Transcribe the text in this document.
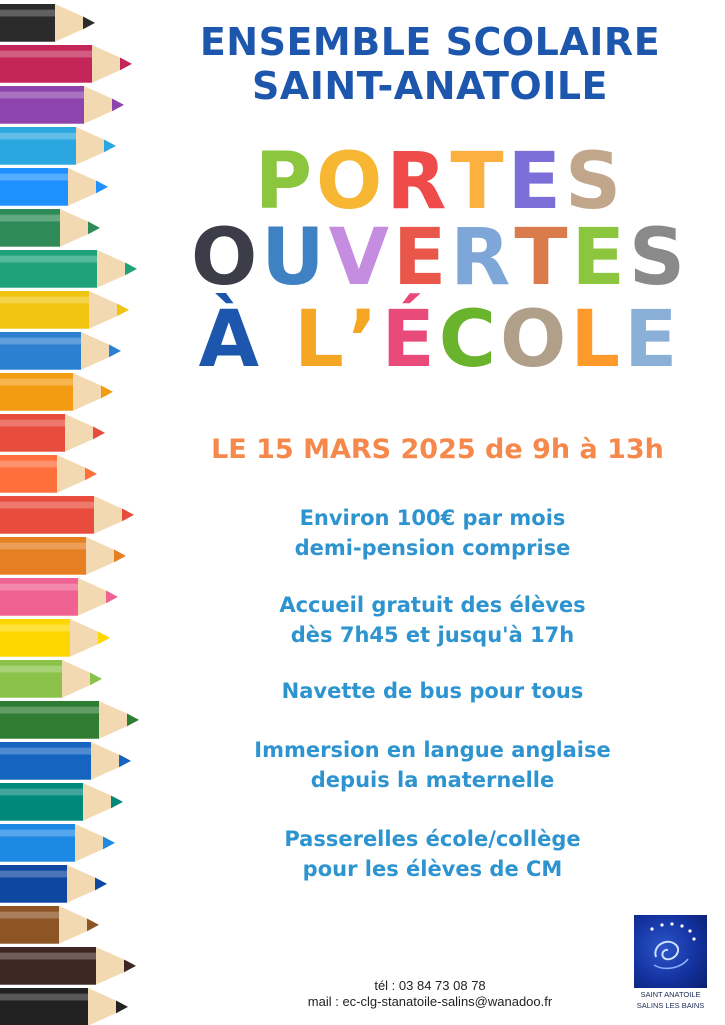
ENSEMBLE SCOLAIRE
SAINT-ANATOILE
PORTES
OUVERTES
À L’ÉCOLE
LE 15 MARS 2025 de 9h à 13h
Environ 100€ par mois
demi-pension comprise
Accueil gratuit des élèves
dès 7h45 et jusqu'à 17h
Navette de bus pour tous
Immersion en langue anglaise
depuis la maternelle
Passerelles école/collège
pour les élèves de CM
tél : 03 84 73 08 78
mail : ec-clg-stanatoile-salins@wanadoo.fr	SAINT ANATOILE
SALINS LES BAINS
